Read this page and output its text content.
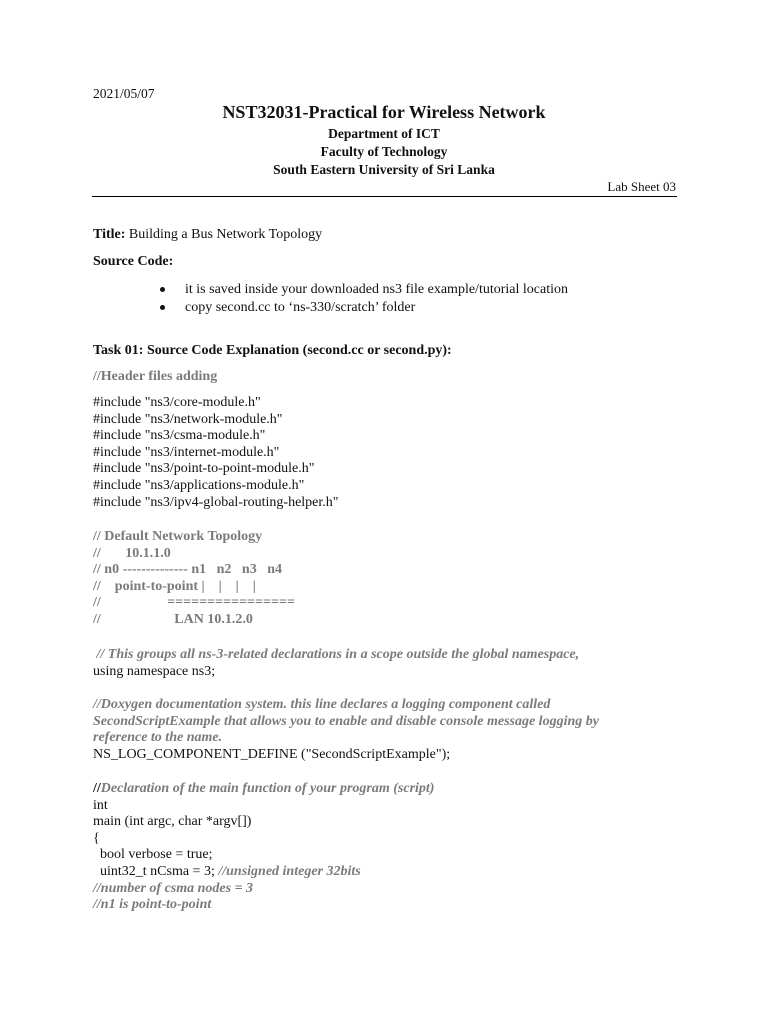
2021/05/07
NST32031-Practical for Wireless Network
Department of ICT
Faculty of Technology
South Eastern University of Sri Lanka
Lab Sheet 03
Title: Building a Bus Network Topology
Source Code:
it is saved inside your downloaded ns3 file example/tutorial location
copy second.cc to ‘ns-330/scratch’ folder
Task 01: Source Code Explanation (second.cc or second.py):
//Header files adding
#include "ns3/core-module.h"
#include "ns3/network-module.h"
#include "ns3/csma-module.h"
#include "ns3/internet-module.h"
#include "ns3/point-to-point-module.h"
#include "ns3/applications-module.h"
#include "ns3/ipv4-global-routing-helper.h"
// Default Network Topology
//       10.1.1.0
// n0 -------------- n1   n2   n3   n4
//    point-to-point |    |    |    |
//                   ================
//                     LAN 10.1.2.0
// This groups all ns-3-related declarations in a scope outside the global namespace,
using namespace ns3;
//Doxygen documentation system. this line declares a logging component called
SecondScriptExample that allows you to enable and disable console message logging by
reference to the name.
NS_LOG_COMPONENT_DEFINE ("SecondScriptExample");
//Declaration of the main function of your program (script)
int
main (int argc, char *argv[])
{
bool verbose = true;
uint32_t nCsma = 3; //unsigned integer 32bits
//number of csma nodes = 3
//n1 is point-to-point
